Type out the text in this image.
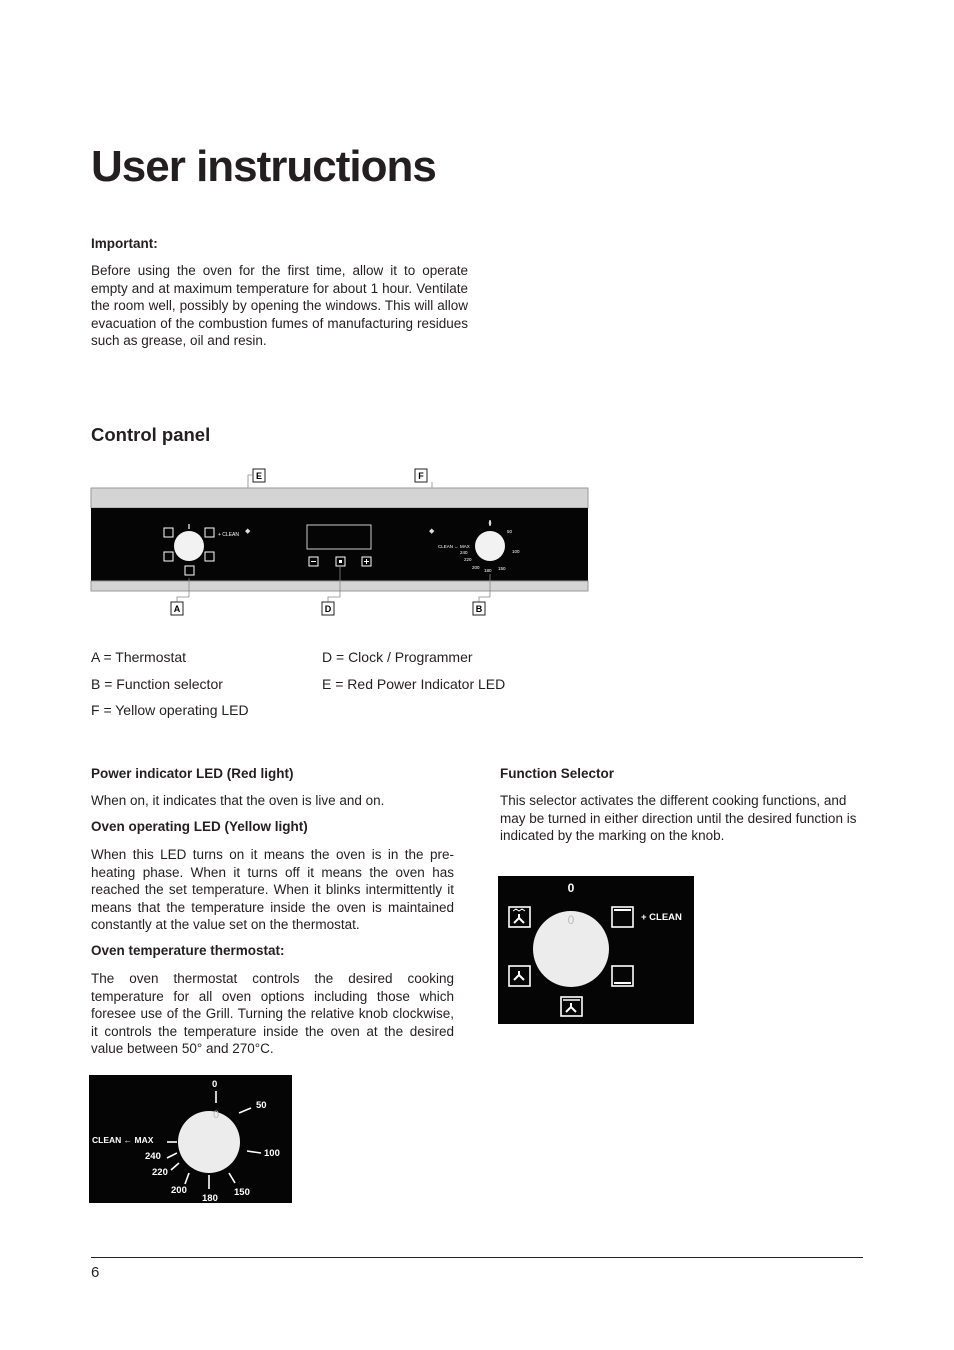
User instructions
Important:
Before using the oven for the first time, allow it to operate empty and at maximum temperature for about 1 hour. Ventilate the room well, possibly by opening the windows. This will allow evacuation of the combustion fumes of manufacturing residues such as grease, oil and resin.
Control panel
E	F
+ CLEAN ◆	◆
0
50
100
150
180
200
220
240
CLEAN ← MAX
A	D	B
A = Thermostat
B = Function selector
F = Yellow operating LED
D = Clock / Programmer
E = Red Power Indicator LED
Power indicator LED (Red light)
When on, it indicates that the oven is live and on.
Oven operating LED (Yellow light)
When this LED turns on it means the oven is in the pre-heating phase. When it turns off it means the oven has reached the set temperature. When it blinks intermittently it means that the temperature inside the oven is maintained constantly at the value set on the thermostat.
Oven temperature thermostat:
The oven thermostat controls the desired cooking temperature for all oven options including those which foresee use of the Grill. Turning the relative knob clockwise, it controls the temperature inside the oven at the desired value between 50° and 270°C.
0
0
50
100
150
180
200
220
240
CLEAN ← MAX
Function Selector
This selector activates the different cooking functions, and may be turned in either direction until the desired function is indicated by the marking on the knob.
0
0
+ CLEAN
6
